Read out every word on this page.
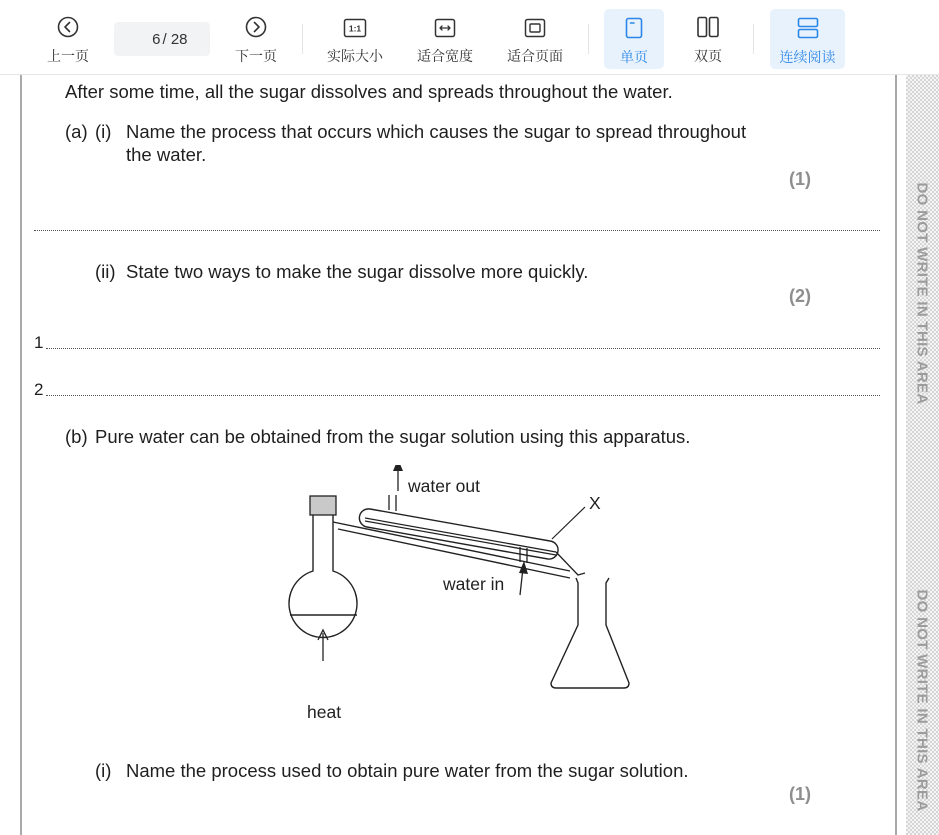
上一页
6
/ 28
下一页
1:1
实际大小 适合宽度 适合页面	单页	双页	连续阅读
DO NOT WRITE IN THIS AREA
DO NOT WRITE IN THIS AREA
After some time, all the sugar dissolves and spreads throughout the water.
(a) (i) Name the process that occurs which causes the sugar to spread throughout
the water.
(1)
(ii) State two ways to make the sugar dissolve more quickly.
(2)
1
2
(b) Pure water can be obtained from the sugar solution using this apparatus.
water out
water in
X
heat
(i) Name the process used to obtain pure water from the sugar solution.
(1)
